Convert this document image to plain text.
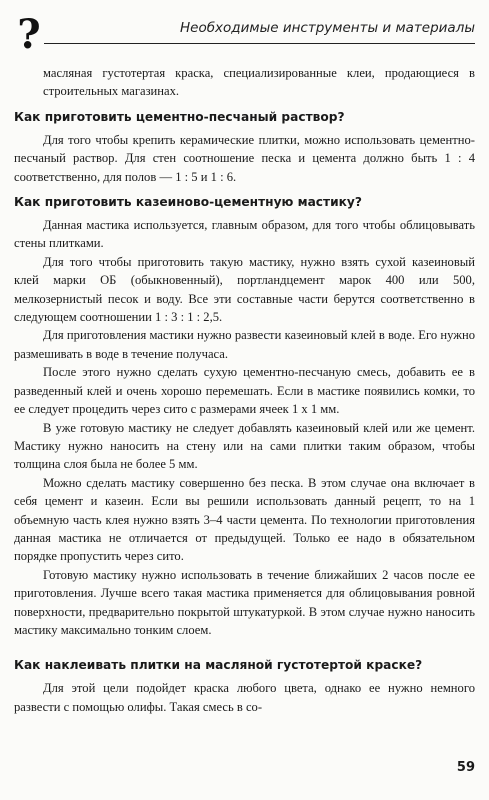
?	Необходимые инструменты и материалы

масляная густотертая краска, специализированные клеи, продающиеся в строительных магазинах.

Как приготовить цементно-песчаный раствор?

Для того чтобы крепить керамические плитки, можно использовать цементно-песчаный раствор. Для стен соотношение песка и цемента должно быть 1 : 4 соответственно, для полов — 1 : 5 и 1 : 6.

Как приготовить казеиново-цементную мастику?

Данная мастика используется, главным образом, для того чтобы облицовывать стены плитками.

Для того чтобы приготовить такую мастику, нужно взять сухой казеиновый клей марки ОБ (обыкновенный), портландцемент марок 400 или 500, мелкозернистый песок и воду. Все эти составные части берутся соответственно в следующем соотношении 1 : 3 : 1 : 2,5.

Для приготовления мастики нужно развести казеиновый клей в воде. Его нужно размешивать в воде в течение получаса.

После этого нужно сделать сухую цементно-песчаную смесь, добавить ее в разведенный клей и очень хорошо перемешать. Если в мастике появились комки, то ее следует процедить через сито с размерами ячеек 1 х 1 мм.

В уже готовую мастику не следует добавлять казеиновый клей или же цемент. Мастику нужно наносить на стену или на сами плитки таким образом, чтобы толщина слоя была не более 5 мм.

Можно сделать мастику совершенно без песка. В этом случае она включает в себя цемент и казеин. Если вы решили использовать данный рецепт, то на 1 объемную часть клея нужно взять 3–4 части цемента. По технологии приготовления данная мастика не отличается от предыдущей. Только ее надо в обязательном порядке пропустить через сито.

Готовую мастику нужно использовать в течение ближайших 2 часов после ее приготовления. Лучше всего такая мастика применяется для облицовывания ровной поверхности, предварительно покрытой штукатуркой. В этом случае нужно наносить мастику максимально тонким слоем.

Как наклеивать плитки на масляной густотертой краске?

Для этой цели подойдет краска любого цвета, однако ее нужно немного развести с помощью олифы. Такая смесь в со-

59
